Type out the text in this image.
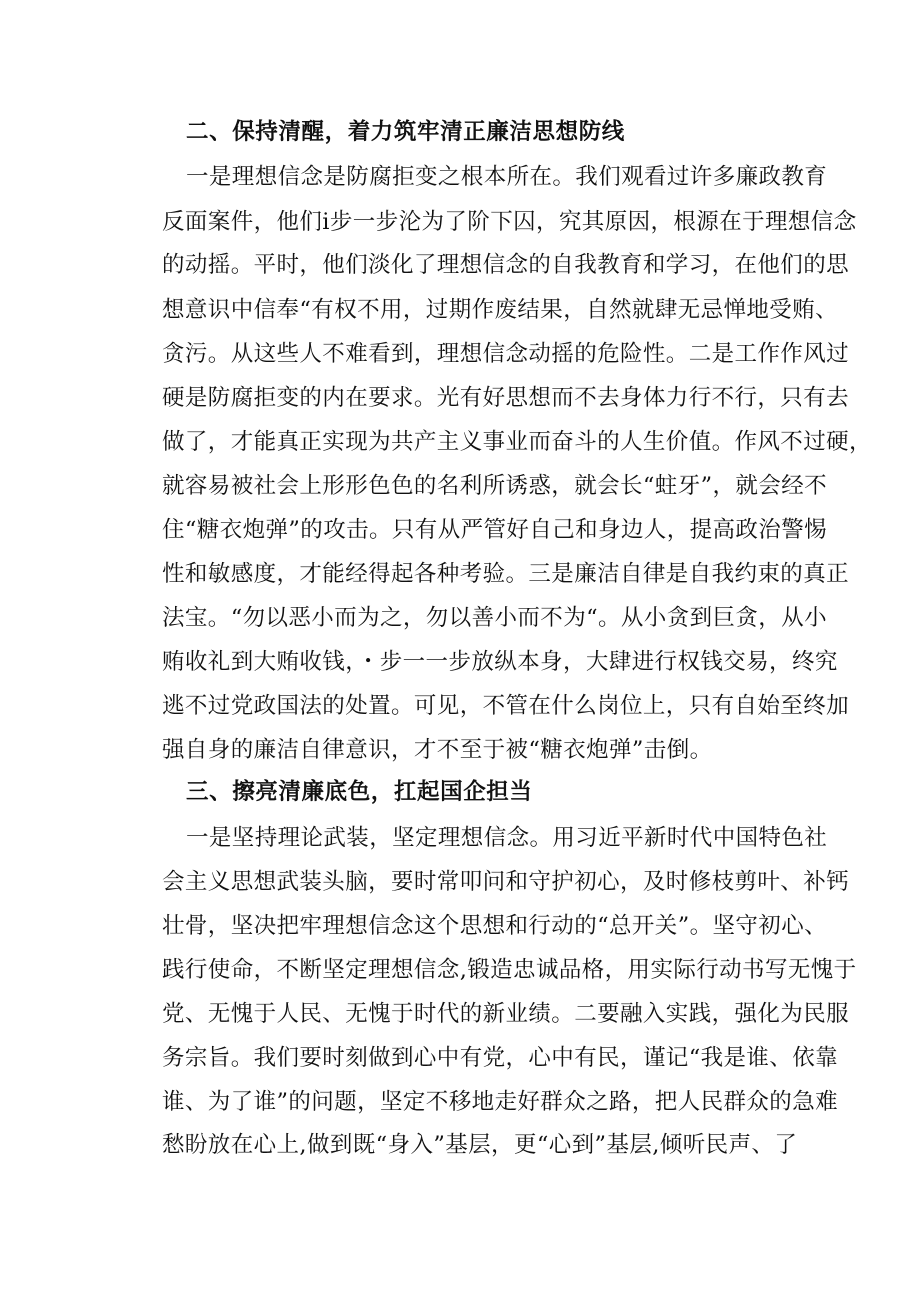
二、保持清醒，着力筑牢清正廉洁思想防线
一是理想信念是防腐拒变之根本所在。我们观看过许多廉政教育
反面案件，他们i步一步沦为了阶下囚，究其原因，根源在于理想信念
的动摇。平时，他们淡化了理想信念的自我教育和学习，在他们的思
想意识中信奉“有权不用，过期作废结果，自然就肆无忌惮地受贿、
贪污。从这些人不难看到，理想信念动摇的危险性。二是工作作风过
硬是防腐拒变的内在要求。光有好思想而不去身体力行不行，只有去
做了，才能真正实现为共产主义事业而奋斗的人生价值。作风不过硬，
就容易被社会上形形色色的名利所诱惑，就会长“蛀牙”，就会经不
住“糖衣炮弹”的攻击。只有从严管好自己和身边人，提高政治警惕
性和敏感度，才能经得起各种考验。三是廉洁自律是自我约束的真正
法宝。“勿以恶小而为之，勿以善小而不为“。从小贪到巨贪，从小
贿收礼到大贿收钱，・步一一步放纵本身，大肆进行权钱交易，终究
逃不过党政国法的处置。可见，不管在什么岗位上，只有自始至终加
强自身的廉洁自律意识，才不至于被“糖衣炮弹”击倒。
三、擦亮清廉底色，扛起国企担当
一是坚持理论武装，坚定理想信念。用习近平新时代中国特色社
会主义思想武装头脑，要时常叩问和守护初心，及时修枝剪叶、补钙
壮骨，坚决把牢理想信念这个思想和行动的“总开关”。坚守初心、
践行使命，不断坚定理想信念,锻造忠诚品格，用实际行动书写无愧于
党、无愧于人民、无愧于时代的新业绩。二要融入实践，强化为民服
务宗旨。我们要时刻做到心中有党，心中有民，谨记“我是谁、依靠
谁、为了谁”的问题，坚定不移地走好群众之路，把人民群众的急难
愁盼放在心上,做到既“身入”基层，更“心到”基层,倾听民声、了
